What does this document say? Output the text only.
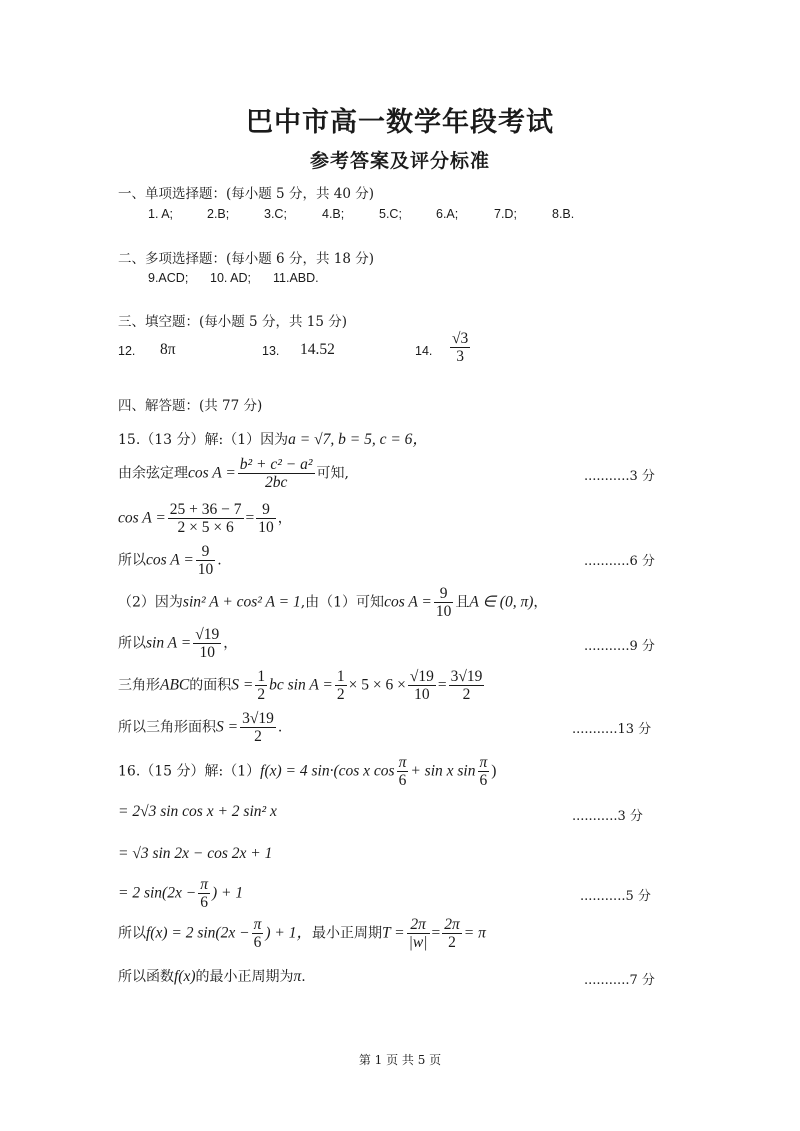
巴中市高一数学年段考试
参考答案及评分标准
一、单项选择题：(每小题 5 分，共 40 分)
1. A;	2.B;	3.C;	4.B;	5.C;	6.A;	7.D;	8.B.
二、多项选择题：(每小题 6 分，共 18 分)
9.ACD; 10. AD; 11.ABD.
三、填空题：(每小题 5 分，共 15 分)
12. 8π	13. 14.52	14. $\frac{√3}{3}$
四、解答题：(共 77 分)
15.（13 分）解:（1）因为a = √7, b = 5, c = 6，
由余弦定理$\cos A = \frac{\text{b² + c² − a²}}{2bc}$ 可知,	...........3 分
$\cos A = \frac{25 + 36 - 7}{2 \times 5 \times 6} = \frac{9}{10}$ ，
所以$\cos A = \frac{9}{10}$ .	...........6 分
（2）因为sin² A + cos² A = 1,由（1）可知$\cos A = \frac{9}{10}$ 且A ∈ (0, π)，
所以$\sin A = \frac{√19}{10}$ ，	...........9 分
三角形ABC的面积$S = \frac{1}{2}$ bc $\sin A = \frac{1}{2} \times 5 \times 6 \times \frac{√19}{10} = \frac{3√19}{2}$
所以三角形面积$S = \frac{3√19}{2}$ .	...........13 分
16.（15 分）解:（1）f(x) = 4 sin·(cos x $\cos \frac{\pi}{6} + \sin x$ $\sin \frac{\pi}{6}$ )
= 2√3 sin cos x + 2 sin² x	...........3 分
= √3 sin 2x − cos 2x + 1
= 2 $\sin(2x - \frac{\pi}{6}$ ) + 1	...........5 分
所以f(x) = 2 $\sin(2x - \frac{\pi}{6}$ ) + 1，最小正周期$T = \frac{2\pi}{|w|} = \frac{2\pi}{2} = \pi$
所以函数f(x)的最小正周期为π.	...........7 分
第 1 页 共 5 页
